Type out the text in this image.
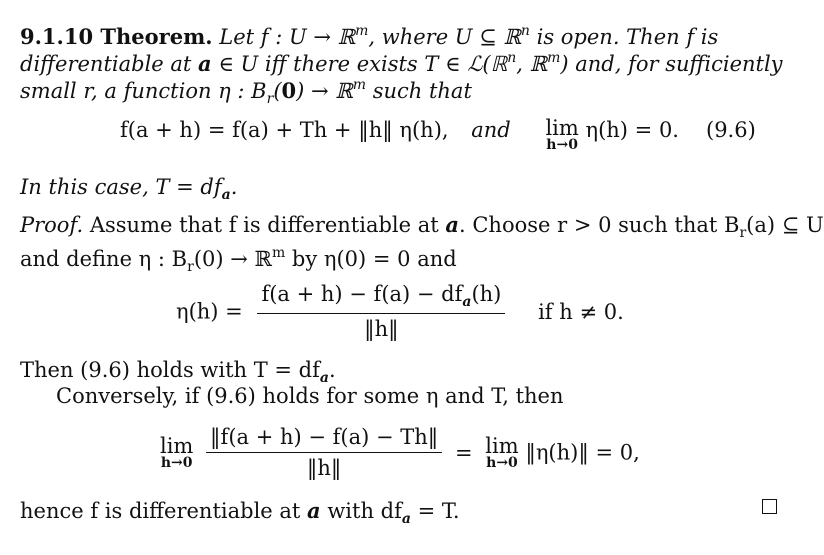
9.1.10 Theorem. Let f : U → ℝ$^m$, where U ⊆ ℝ$^n$ is open. Then f is
differentiable at a ∈ U iff there exists T ∈ ℒ(ℝ$^n$, ℝ$^m$) and, for sufficiently
small r, a function η : $B_r(0)$ → ℝ$^m$ such that
f(a + h) = f(a) + Th + ‖h‖ η(h), and lim
h→0
η(h) = 0. (9.6)
In this case, $T = df_a$.
Proof. Assume that f is differentiable at a. Choose r > 0 such that $B_r(a)$ ⊆ U
and define η : $B_r(0)$ → ℝ$^m$ by η(0) = 0 and
$\eta(h) = \frac{f(a + h) - f(a) - df_a(h)}{‖h‖}$ if h ≠ 0.
Then (9.6) holds with $T = df_a$.
Conversely, if (9.6) holds for some η and T, then
lim
h→0
$\frac{‖f(a + h) - f(a) - Th‖}{‖h‖} = \lim$
h→0 ‖η(h)‖ = 0,
hence f is differentiable at a with $df_a = T$.
